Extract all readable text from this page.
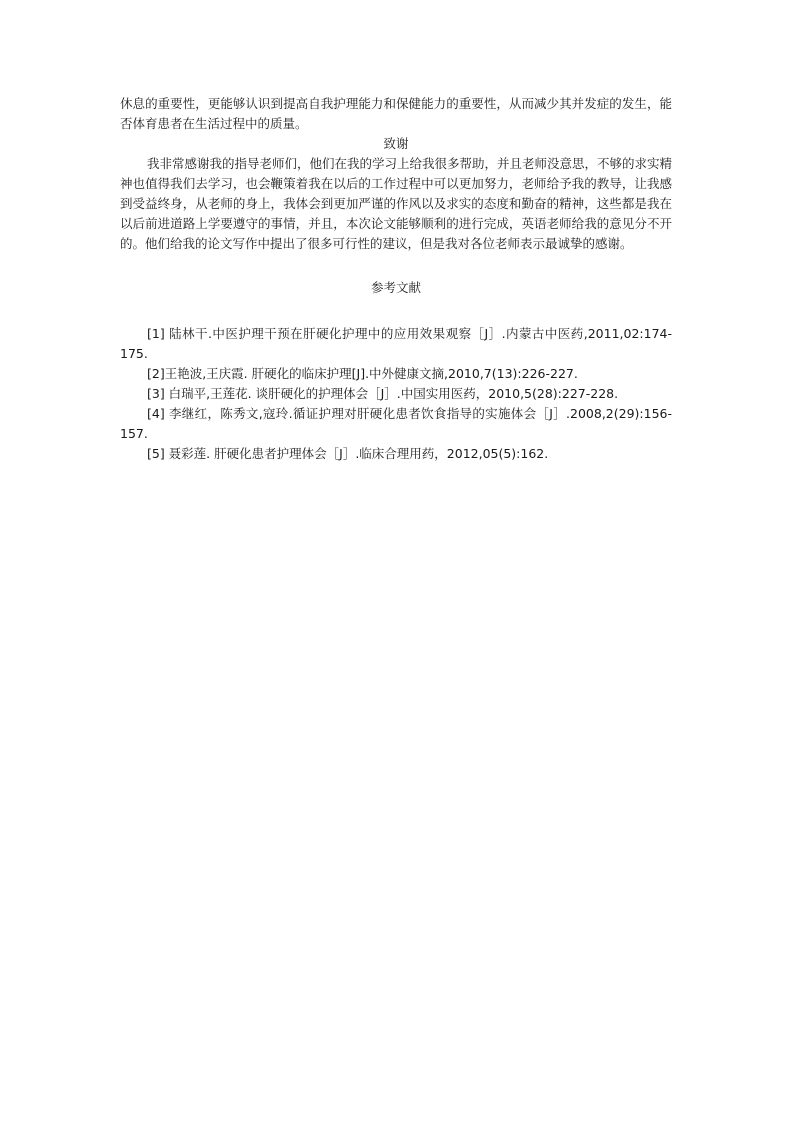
休息的重要性，更能够认识到提高自我护理能力和保健能力的重要性，从而减少其并发症的发生，能否体育患者在生活过程中的质量。

致谢

我非常感谢我的指导老师们，他们在我的学习上给我很多帮助，并且老师没意思，不够的求实精神也值得我们去学习，也会鞭策着我在以后的工作过程中可以更加努力，老师给予我的教导，让我感到受益终身，从老师的身上，我体会到更加严谨的作风以及求实的态度和勤奋的精神，这些都是我在以后前进道路上学要遵守的事情，并且，本次论文能够顺利的进行完成，英语老师给我的意见分不开的。他们给我的论文写作中提出了很多可行性的建议，但是我对各位老师表示最诚挚的感谢。

参考文献

[1] 陆林干.中医护理干预在肝硬化护理中的应用效果观察［J］.内蒙古中医药,2011,02:174-175.

[2]王艳波,王庆霞. 肝硬化的临床护理[J].中外健康文摘,2010,7(13):226-227.

[3] 白瑞平,王莲花. 谈肝硬化的护理体会［J］.中国实用医药，2010,5(28):227-228.

[4] 李继红，陈秀文,寇玲.循证护理对肝硬化患者饮食指导的实施体会［J］.2008,2(29):156-157.

[5] 聂彩莲. 肝硬化患者护理体会［J］.临床合理用药，2012,05(5):162.
